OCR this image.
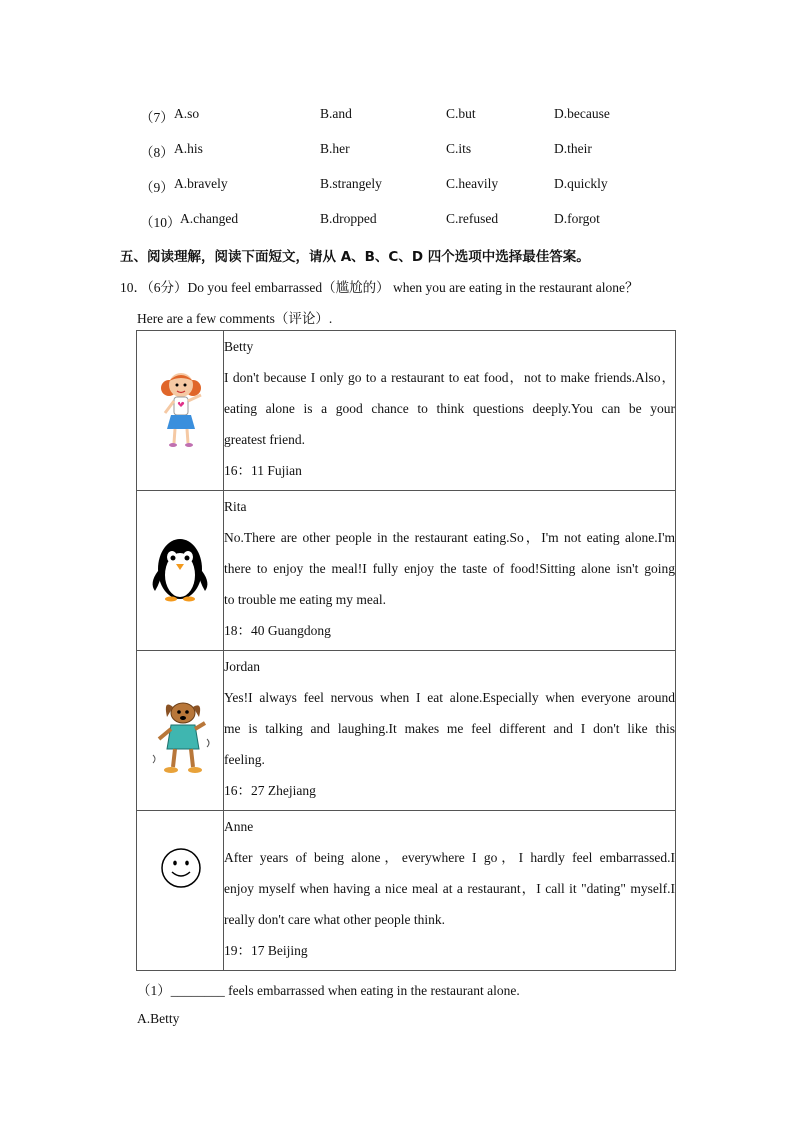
（7） A.so	B.and	C.but	D.because
（8） A.his	B.her	C.its	D.their
（9） A.bravely	B.strangely	C.heavily	D.quickly
（10） A.changed	B.dropped	C.refused	D.forgot
五、阅读理解，阅读下面短文，请从 A、B、C、D 四个选项中选择最佳答案。
10．（6分）Do you feel embarrassed（尴尬的） when you are eating in the restaurant alone？
Here are a few comments（评论）.

Betty
I don't because I only go to a restaurant to eat food，not to make friends.Also，
eating alone is a good chance to think questions deeply.You can be your
greatest friend.
16：11 Fujian

Rita
No.There are other people in the restaurant eating.So，I'm not eating alone.I'm
there to enjoy the meal!I fully enjoy the taste of food!Sitting alone isn't going
to trouble me eating my meal.
18：40 Guangdong

Jordan
Yes!I always feel nervous when I eat alone.Especially when everyone around
me is talking and laughing.It makes me feel different and I don't like this
feeling.
16：27 Zhejiang

Anne
After years of being alone，everywhere I go，I hardly feel embarrassed.I
enjoy myself when having a nice meal at a restaurant，I call it "dating" myself.I
really don't care what other people think.
19：17 Beijing
（1）________ feels embarrassed when eating in the restaurant alone.
A.Betty
